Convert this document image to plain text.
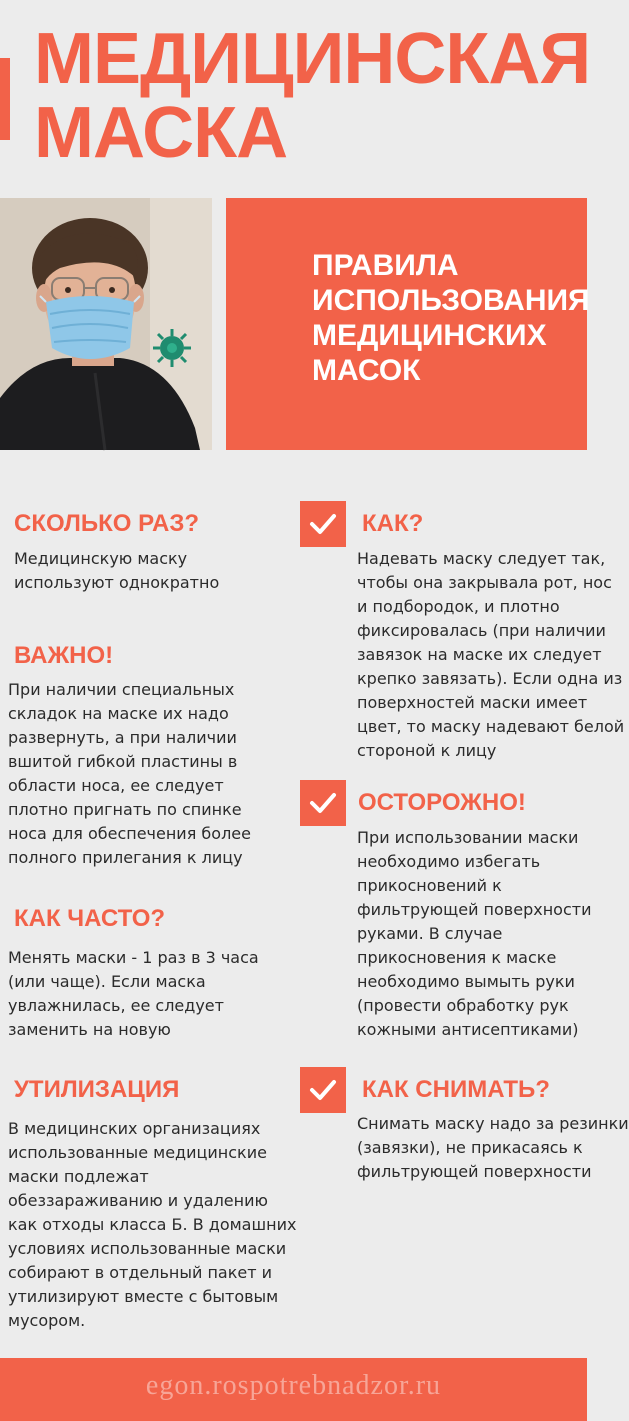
МЕДИЦИНСКАЯ
МАСКА

ПРАВИЛА
ИСПОЛЬЗОВАНИЯ
МЕДИЦИНСКИХ
МАСОК

СКОЛЬКО РАЗ?

Медицинскую маску
используют однократно

ВАЖНО!

При наличии специальных
складок на маске их надо
развернуть, а при наличии
вшитой гибкой пластины в
области носа, ее следует
плотно пригнать по спинке
носа для обеспечения более
полного прилегания к лицу

КАК ЧАСТО?

Менять маски - 1 раз в 3 часа
(или чаще). Если маска
увлажнилась, ее следует
заменить на новую

УТИЛИЗАЦИЯ

В медицинских организациях
использованные медицинские
маски подлежат
обеззараживанию и удалению
как отходы класса Б. В домашних
условиях использованные маски
собирают в отдельный пакет и
утилизируют вместе с бытовым
мусором.

КАК?

Надевать маску следует так,
чтобы она закрывала рот, нос
и подбородок, и плотно
фиксировалась (при наличии
завязок на маске их следует
крепко завязать). Если одна из
поверхностей маски имеет
цвет, то маску надевают белой
стороной к лицу

ОСТОРОЖНО!

При использовании маски
необходимо избегать
прикосновений к
фильтрующей поверхности
руками. В случае
прикосновения к маске
необходимо вымыть руки
(провести обработку рук
кожными антисептиками)

КАК СНИМАТЬ?

Снимать маску надо за резинки
(завязки), не прикасаясь к
фильтрующей поверхности

egon.rospotrebnadzor.ru
